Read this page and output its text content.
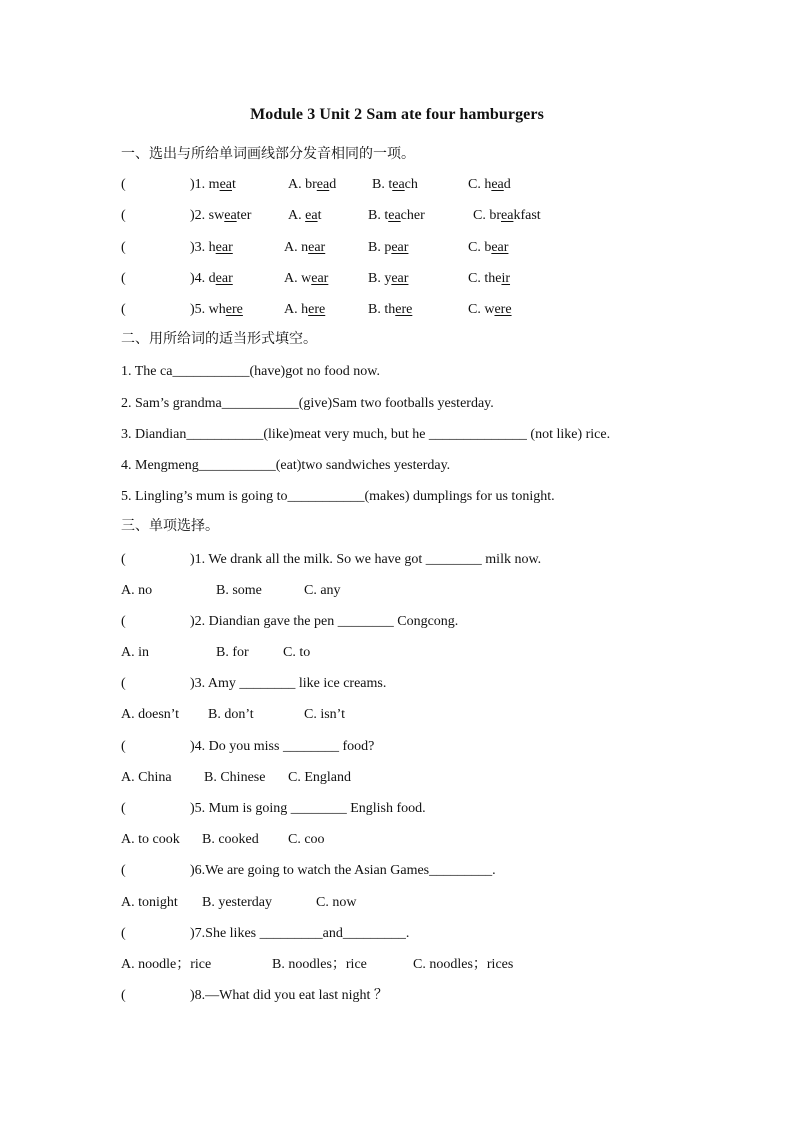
Module 3 Unit 2 Sam ate four hamburgers
一、选出与所给单词画线部分发音相同的一项。
(	)1. meat	A. bread	B. teach	C. head
(	)2. sweater	A. eat	B. teacher	C. breakfast
(	)3. hear	A. near	B. pear	C. bear
(	)4. dear	A. wear	B. year	C. their
(	)5. where	A. here	B. there	C. were
二、用所给词的适当形式填空。
1. The ca___________(have)got no food now.
2. Sam’s grandma___________(give)Sam two footballs yesterday.
3. Diandian___________(like)meat very much, but he ______________ (not like) rice.
4. Mengmeng___________(eat)two sandwiches yesterday.
5. Lingling’s mum is going to___________(makes) dumplings for us tonight.
三、单项选择。
(	)1. We drank all the milk. So we have got ________ milk now.
A. no	B. some	C. any
(	)2. Diandian gave the pen ________ Congcong.
A. in	B. for C. to
(	)3. Amy ________ like ice creams.
A. doesn’t B. don’t	C. isn’t
(	)4. Do you miss ________ food?
A. China B. Chinese C. England
(	)5. Mum is going ________ English food.
A. to cook B. cooked C. coo
(	)6.We are going to watch the Asian Games_________.
A. tonight B. yesterday	C. now
(	)7.She likes _________and_________.
A. noodle；rice	B. noodles；rice	C. noodles；rices
(	)8.—What did you eat last night ？
